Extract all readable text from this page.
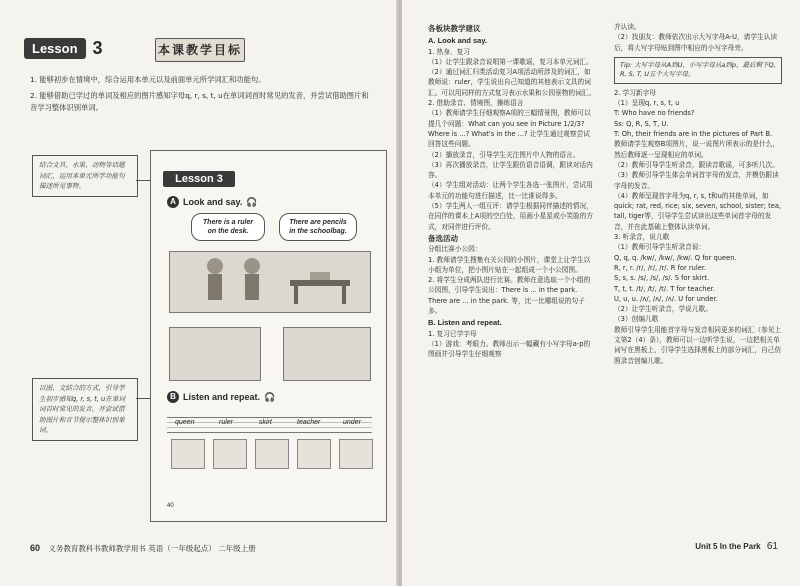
Lesson 3	本课教学目标
1. 能够初步在情境中，综合运用本单元以及前面单元所学词汇和功能句。
2. 能够借助已学过的单词及相应的图片感知字母q, r, s, t, u在单词词首时常见的发音，并尝试借助图片和音学习整体识别单词。
结合文具、水果、动物等话题词汇，运用本单元所学功能句描述所见事物。
以图、文结合的方式，引导学生初步感知q, r, s, t, u在单词词首时常见的发音，并尝试借助图片和音节提示整体识别单词。
Lesson 3
A Look and say. 🎧
There is a ruler on the desk.
There are pencils in the schoolbag.
B Listen and repeat. 🎧
queen	ruler	skirt	teacher	under
40
60 义务教育教科书教师教学用书 英语（一年级起点） 二年级上册

各板块教学建议

A. Look and say.

1. 热身、复习

（1）让学生跟录音说唱第一课歌谣，复习本单元词汇。

（2）通过词汇归类活动复习A项活动所涉及的词汇，如教师说：ruler，学生说出自己知道的其他表示文具的词汇。可以用同样的方式复习表示水果和公园景物的词汇。

2. 借助录音、情境图，操练语言

（1）教师请学生仔细观察A项的三幅情景图，教师可以提几个问题：What can you see in Picture 1/2/3? Where is ...? What's in the ...? 让学生通过观察尝试回答这些问题。

（2）播放录音，引导学生关注图片中人物的语言。

（3）再次播放录音，让学生跟仿语音语调，跟读对话内容。

（4）学生组对活动：让两个学生各选一张图片，尝试用本单元的功能句进行描述，比一比谁说得多。

（5）学生两人一组互评：请学生根据同伴描述的情况，在同伴的课本上A项的空白处，用画小星星或小笑脸的方式，对同伴进行评价。

备选活动

分组比赛小公园：

1. 教师请学生搜集有关公园的小图片，课堂上让学生以小组为单位，把小图片贴在一起组成一个小公园图。

2. 将学生分成两队进行比赛。教师在意选取一个小组的公园图，引导学生说出：There is ... in the park. There are ... in the park. 等，比一比哪组说的句子多。

B. Listen and repeat.

1. 复习已学字母

（1）游戏：考眼力。教师出示一幅藏有小写字母a-p的图画并引导学生仔细观察

并认读。

（2）找朋友：教师依次出示大写字母A-U，请学生认读后，将大写字母贴到图中相应的小写字母旁。

Tip: 大写字母从A到U，小写字母从a到p，最后剩下Q, R, S, T, U五个大写字母。

2. 学习新字母

（1）呈现q, r, s, t, u

T: Who have no friends?

Ss: Q, R, S, T, U.

T: Oh, their friends are in the pictures of Part B.

教师请学生观察B项图片，说一说图片所表示的是什么，然后教师逐一呈现相应的单词。

（2）教师引导学生听录音，跟读音歌谣，可多听几次。

（3）教师引导学生体会单词首字母的发音，并模仿跟读字母的发音。

（4）教师呈现首字母为q, r, s, t和u的其他单词，如quick; rat, red, rice; six, seven, school, sister; tea, tall, tiger等，引导学生尝试读出这些单词首字母的发音，并在此基础上整体认读单词。

3. 听录音，说儿歌

（1）教师引导学生听录音说：

Q, q, q. /kw/, /kw/, /kw/. Q for queen.

R, r, r. /r/, /r/, /r/. R for ruler.

S, s, s. /s/, /s/, /s/. S for skirt.

T, t, t. /t/, /t/, /t/. T for teacher.

U, u, u. /ʌ/, /ʌ/, /ʌ/. U for under.

（2）让学生听录音，学说儿歌。

（3）创编儿歌

教师引导学生用能首字母与发音相同更多的词汇（参见上文第2（4）条），教师可以一边听学生说，一边把相关单词写在黑板上，引导学生选择黑板上的部分词汇，自己仿照录音创编儿歌。

Unit 5 In the Park 61
